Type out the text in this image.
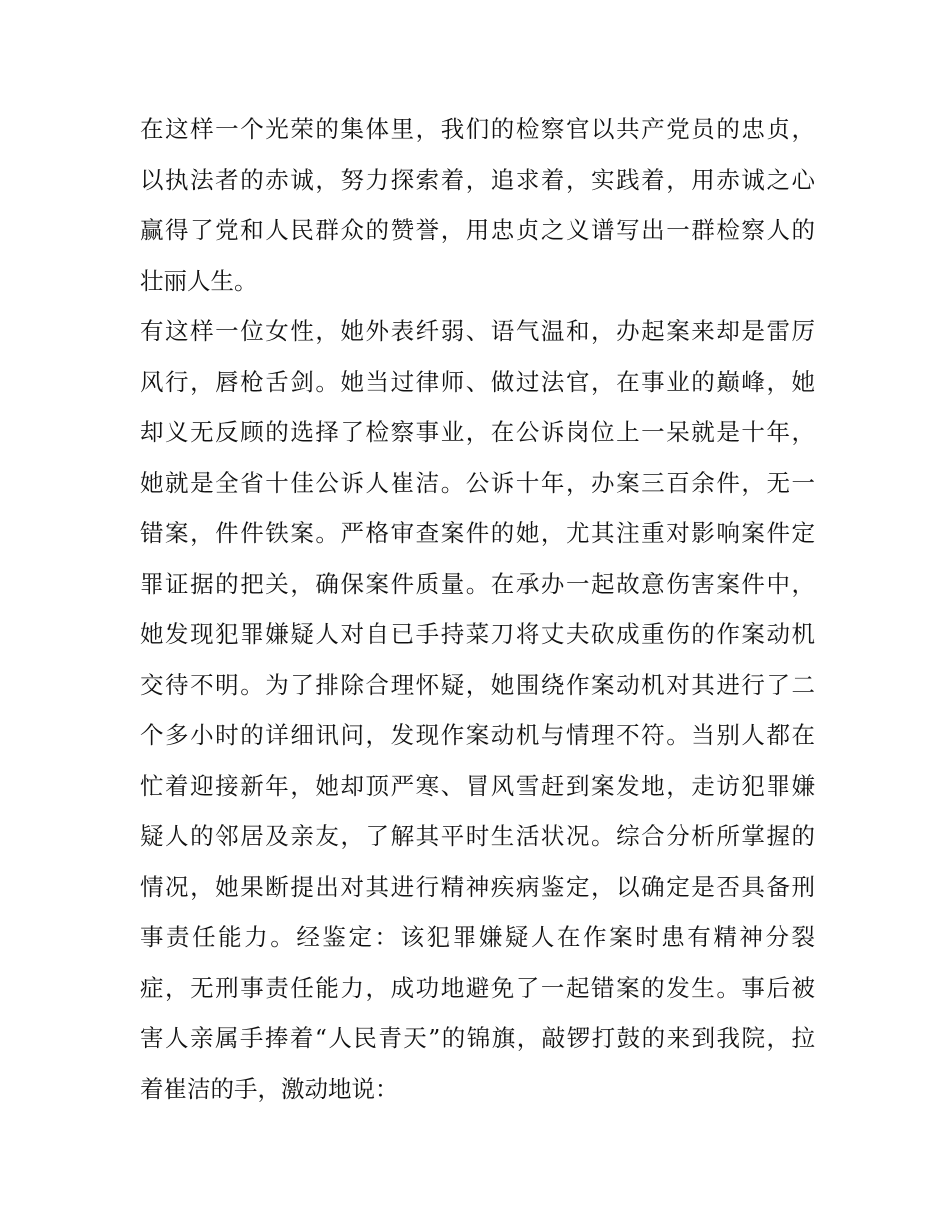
在这样一个光荣的集体里，我们的检察官以共产党员的忠贞，
以执法者的赤诚，努力探索着，追求着，实践着，用赤诚之心
赢得了党和人民群众的赞誉，用忠贞之义谱写出一群检察人的
壮丽人生。
有这样一位女性，她外表纤弱、语气温和，办起案来却是雷厉
风行，唇枪舌剑。她当过律师、做过法官，在事业的巅峰，她
却义无反顾的选择了检察事业，在公诉岗位上一呆就是十年，
她就是全省十佳公诉人崔洁。公诉十年，办案三百余件，无一
错案，件件铁案。严格审查案件的她，尤其注重对影响案件定
罪证据的把关，确保案件质量。在承办一起故意伤害案件中，
她发现犯罪嫌疑人对自已手持菜刀将丈夫砍成重伤的作案动机
交待不明。为了排除合理怀疑，她围绕作案动机对其进行了二
个多小时的详细讯问，发现作案动机与情理不符。当别人都在
忙着迎接新年，她却顶严寒、冒风雪赶到案发地，走访犯罪嫌
疑人的邻居及亲友，了解其平时生活状况。综合分析所掌握的
情况，她果断提出对其进行精神疾病鉴定，以确定是否具备刑
事责任能力。经鉴定：该犯罪嫌疑人在作案时患有精神分裂
症，无刑事责任能力，成功地避免了一起错案的发生。事后被
害人亲属手捧着“人民青天”的锦旗，敲锣打鼓的来到我院，拉
着崔洁的手，激动地说：
